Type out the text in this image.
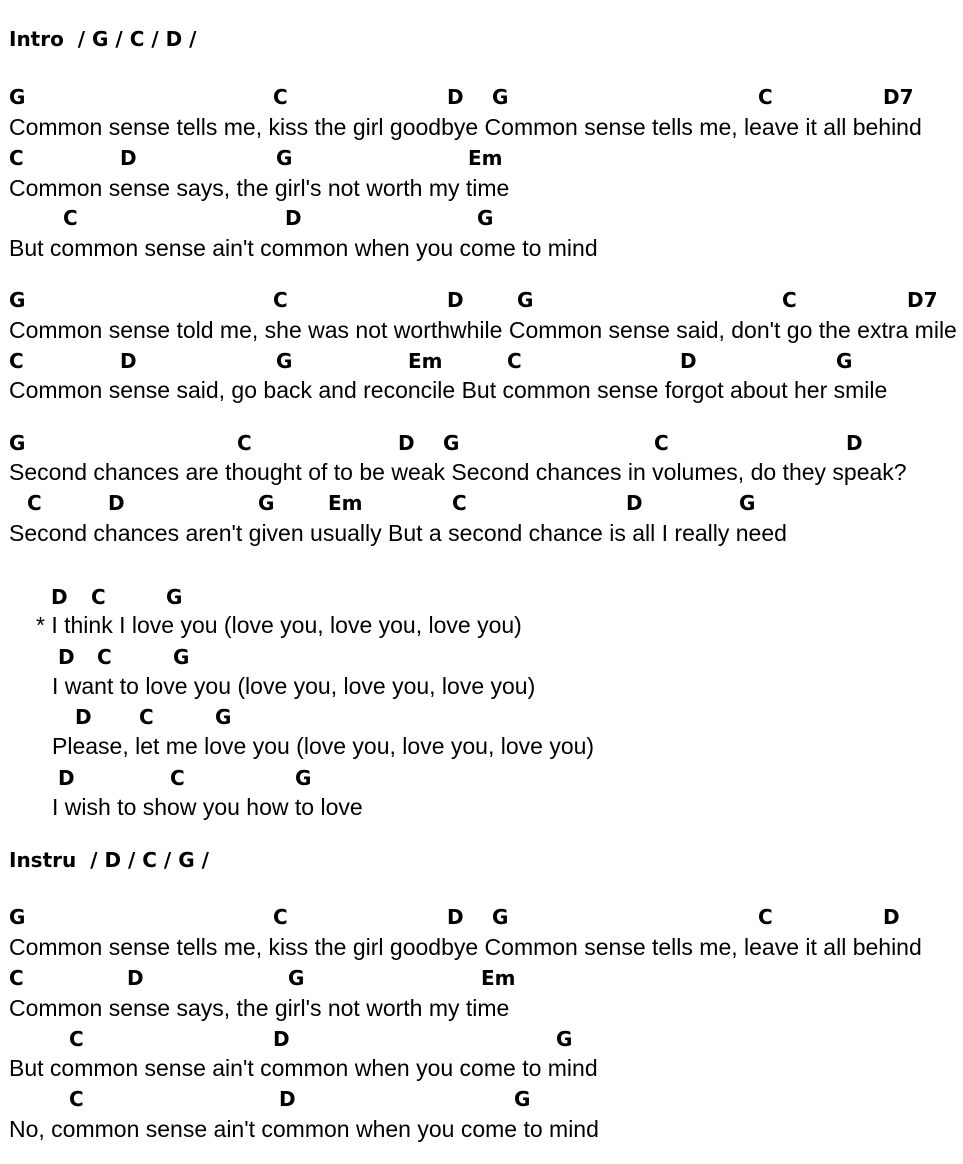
Intro / G / C / D /
G	C	D G	C	D7
Common sense tells me, kiss the girl goodbye Common sense tells me, leave it all behind
C	D	G	Em
Common sense says, the girl's not worth my time
C	D	G
But common sense ain't common when you come to mind
G	C	D	G	C	D7
Common sense told me, she was not worthwhile Common sense said, don't go the extra mile
C	D	G	Em	C	D	G
Common sense said, go back and reconcile But common sense forgot about her smile
G	C	D G	C	D
Second chances are thought of to be weak Second chances in volumes, do they speak?
C	D	G	Em	C	D	G
Second chances aren't given usually But a second chance is all I really need
D C	G
* I think I love you (love you, love you, love you)
D C	G
I want to love you (love you, love you, love you)
D C	G
Please, let me love you (love you, love you, love you)
D	C	G
I wish to show you how to love
Instru / D / C / G /
G	C	D G	C	D
Common sense tells me, kiss the girl goodbye Common sense tells me, leave it all behind
C	D	G	Em
Common sense says, the girl's not worth my time
C	D	G
But common sense ain't common when you come to mind
C	D	G
No, common sense ain't common when you come to mind
